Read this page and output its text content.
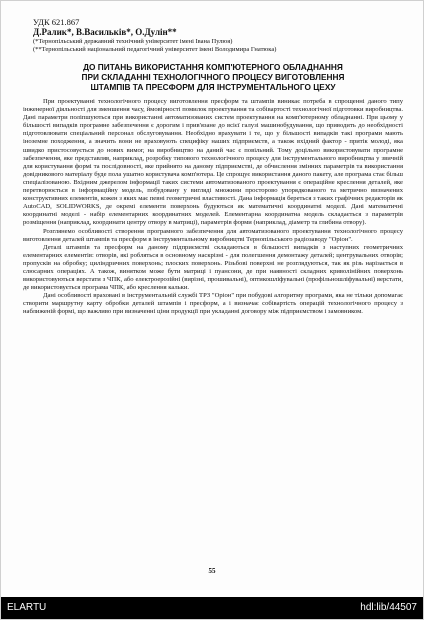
УДК 621.867
Д.Ралик*, В.Васильків*, О.Дулін**
(*Тернопільський державний технічний університет імені Івана Пулюя)
(**Тернопільський національний педагогічний університет імені Володимира Гнатюка)
ДО ПИТАНЬ ВИКОРИСТАННЯ КОМП'ЮТЕРНОГО ОБЛАДНАННЯ
ПРИ СКЛАДАННІ ТЕХНОЛОГІЧНОГО ПРОЦЕСУ ВИГОТОВЛЕННЯ
ШТАМПІВ ТА ПРЕСФОРМ ДЛЯ ІНСТРУМЕНТАЛЬНОГО ЦЕХУ

При проектуванні технологічного процесу виготовлення пресформ та штампів виникає потреба в спрощенні даного типу інженерної діяльності для зменшення часу, ймовірності помилок проектування та собівартості технологічної підготовки виробництва. Дані параметри поліпшуються при використанні автоматизованих систем проектування на комп'ютерному обладнанні. При цьому у більшості випадків програмне забезпечення є дорогим і прив'язане до всієї галузі машинобудування, що приводить до необхідності підготовлювати спеціальний персонал обслуговування. Необхідно врахувати і те, що у більшості випадків такі програми мають іноземне походження, а значить вони не враховують специфіку наших підприємств, а також вхідний фактор - притік молоді, яка швидко пристосовується до нових вимог, на виробництво на даний час є повільний. Тому доцільно використовувати програмне забезпечення, яке представляв, наприклад, розробку типового технологічного процесу для інструментального виробництва у звичній для користування формі та послідовності, яке прийнято на даному підприємстві, де обчислення змінних параметрів та використання довідникового матеріалу буде пола ушатно користувача комп'ютера. Це спрощує використання даного пакету, але програма стає більш спеціалізованою. Вхідним джерелом інформації таких системи автоматизованого проектування є операційне креслення деталей, яке перетворюється в інформаційну модель, побудовану у вигляді множини просторово упорядкованого та метрично визначених конструктивних елементів, кожен з яких має певні геометричні властивості. Дана інформація береться з таких графічних редакторів як AutoCAD, SOLIDWORKS, де окремі елементи поверхонь будуються як математичні координатні моделі. Дані математичні координатні моделі - набір елементарних координатних моделей. Елементарна координатна модель складається з параметрів розміщення (наприклад, координати центру отвору в матриці), параметрів форми (наприклад, діаметр та глибина отвору).

Розглянемо особливості створення програмного забезпечення для автоматизованого проектування технологічного процесу виготовлення деталей штампів та пресформ в інструментальному виробництві Тернопільського радіозаводу "Оріон".

Деталі штампів та пресформ на даному підприємстві складаються в більшості випадків з наступних геометричних елементарних елементів: отворів, які робляться в основному наскрізні - для полегшення демонтажу деталей; центрувальних отворів; пропусків на обробку; циліндричних поверхонь; плоских поверхонь. Різьбові поверхні не розглядуються, так як різь нарізається в слюсарних операціях. А також, винятком може бути матриці і пуансони, де при наявності складних криволінійних поверхонь використовуються верстати з ЧПК, або електроерозійні (вирізні, прошивальні), оптикошліфувальні (профільношліфувальні) верстати, де використовується програма ЧПК, або креслення кальки.

Дані особливості враховані в інструментальній службі ТРЗ "Оріон" при побудові алгоритму програми, яка не тільки допомагає створити маршрутну карту обробки деталей штампів і пресформ, а і визначає собівартість операцій технологічного процесу з наближеній формі, що важливо при визначенні ціни продукції при укладанні договору між підприємством і замовником.

55
ELARTU	hdl:lib/44507
